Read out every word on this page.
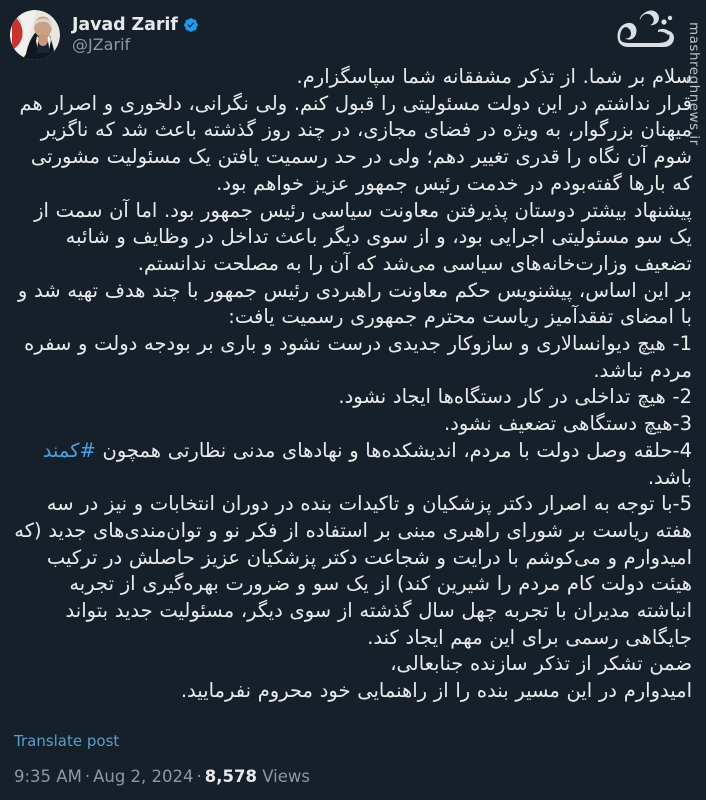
Javad Zarif
@JZarif	mashreghnews.ir

سلام بر شما. از تذکر مشفقانه شما سپاسگزارم.

قرار نداشتم در این دولت مسئولیتی را قبول کنم. ولی نگرانی، دلخوری و اصرار هم میهنان بزرگوار، به ویژه در فضای مجازی، در چند روز گذشته باعث شد که ناگزیر شوم آن نگاه را قدری تغییر دهم؛ ولی در حد رسمیت یافتن یک مسئولیت مشورتی که بارها گفته‌بودم در خدمت رئیس جمهور عزیز خواهم بود.

پیشنهاد بیشتر دوستان پذیرفتن معاونت سیاسی رئیس جمهور بود. اما آن سمت از یک سو مسئولیتی اجرایی بود، و از سوی دیگر باعث تداخل در وظایف و شائبه تضعیف وزارت‌خانه‌های سیاسی می‌شد که آن را به مصلحت ندانستم.

بر این اساس، پیشنویس حکم معاونت راهبردی رئیس جمهور با چند هدف تهیه شد و با امضای تفقدآمیز ریاست محترم جمهوری رسمیت یافت:

1- هیچ دیوانسالاری و سازوکار جدیدی درست نشود و باری بر بودجه دولت و سفره مردم نباشد.

2- هیچ تداخلی در کار دستگاه‌ها ایجاد نشود.

3-هیچ دستگاهی تضعیف نشود.

4-حلقه وصل دولت با مردم، اندیشکده‌ها و نهادهای مدنی نظارتی همچون #کمند باشد.

5-با توجه به اصرار دکتر پزشکیان و تاکیدات بنده در دوران انتخابات و نیز در سه هفته ریاست بر شورای راهبری مبنی بر استفاده از فکر نو و توان‌مندی‌های جدید (که امیدوارم و می‌کوشم با درایت و شجاعت دکتر پزشکیان عزیز حاصلش در ترکیب هیئت دولت کام مردم را شیرین کند) از یک سو و ضرورت بهره‌گیری از تجربه انباشته مدیران با تجربه چهل سال گذشته از سوی دیگر، مسئولیت جدید بتواند جایگاهی رسمی برای این مهم ایجاد کند.

ضمن تشکر از تذکر سازنده جنابعالی،

امیدوارم در این مسیر بنده را از راهنمایی خود محروم نفرمایید.

Translate post
9:35 AM · Aug 2, 2024 · 8,578 Views
